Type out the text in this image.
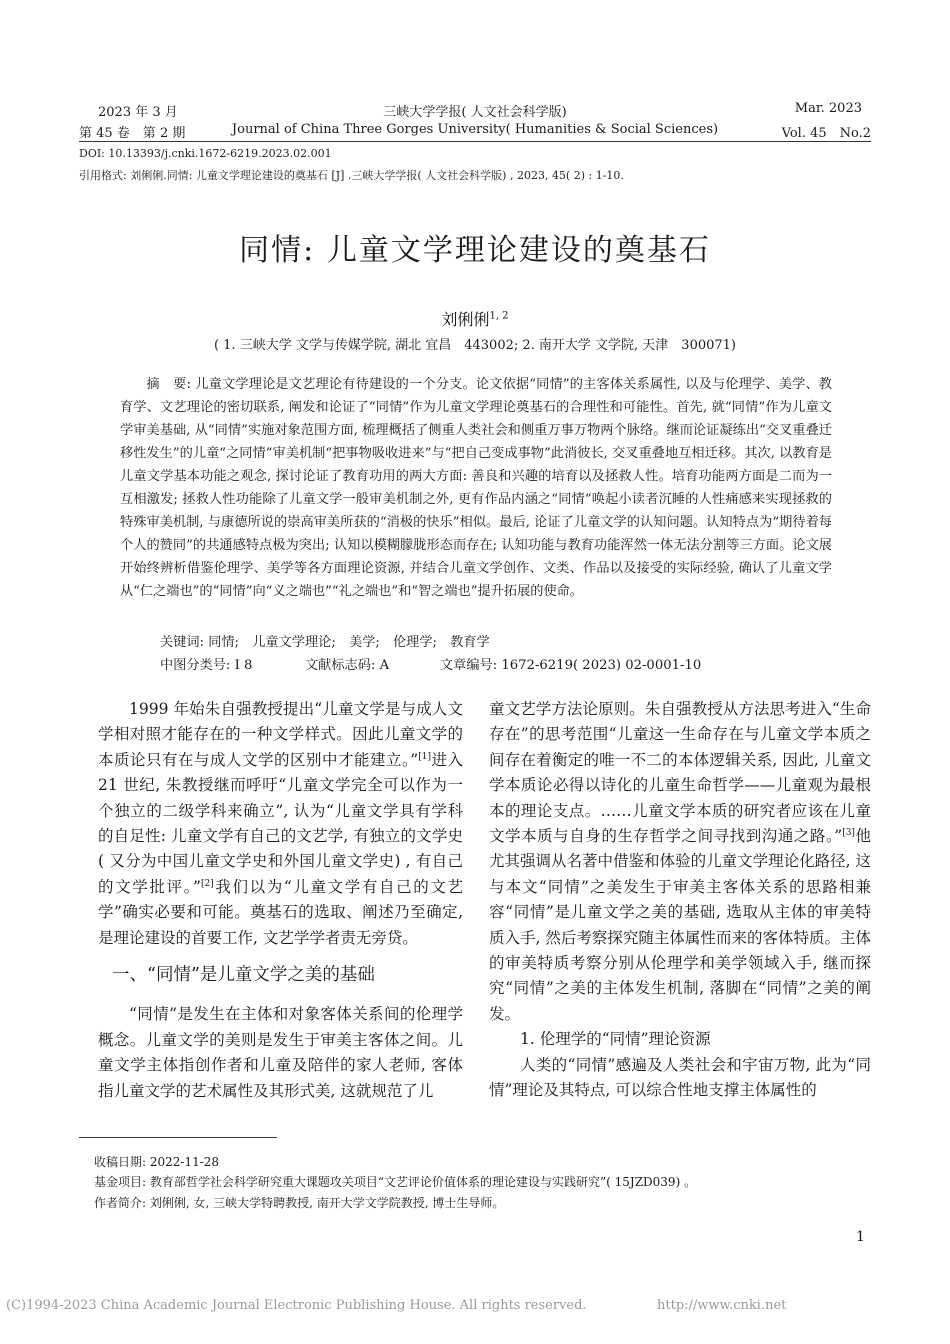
2023 年 3 月	三峡大学学报( 人文社会科学版)	Mar. 2023
第 45 卷　第 2 期	Journal of China Three Gorges University( Humanities & Social Sciences)	Vol. 45　No.2
DOI: 10.13393/j.cnki.1672-6219.2023.02.001
引用格式: 刘俐俐.同情: 儿童文学理论建设的奠基石 [J] .三峡大学学报( 人文社会科学版) , 2023, 45( 2) : 1-10.
同情: 儿童文学理论建设的奠基石
刘俐俐$^{1, 2}$
( 1. 三峡大学 文学与传媒学院, 湖北 宜昌　443002; 2. 南开大学 文学院, 天津　300071)
摘　要: 儿童文学理论是文艺理论有待建设的一个分支。论文依据“同情”的主客体关系属性, 以及与伦理学、美学、教育学、文艺理论的密切联系, 阐发和论证了“同情”作为儿童文学理论奠基石的合理性和可能性。首先, 就“同情”作为儿童文学审美基础, 从“同情”实施对象范围方面, 梳理概括了侧重人类社会和侧重万事万物两个脉络。继而论证凝练出“交叉重叠迁移性发生”的儿童“之同情”审美机制“把事物吸收进来”与“把自己变成事物”此消彼长, 交叉重叠地互相迁移。其次, 以教育是儿童文学基本功能之观念, 探讨论证了教育功用的两大方面: 善良和兴趣的培育以及拯救人性。培育功能两方面是二而为一互相激发; 拯救人性功能除了儿童文学一般审美机制之外, 更有作品内涵之“同情”唤起小读者沉睡的人性痛感来实现拯救的特殊审美机制, 与康德所说的崇高审美所获的“消极的快乐”相似。最后, 论证了儿童文学的认知问题。认知特点为“期待着每个人的赞同”的共通感特点极为突出; 认知以模糊朦胧形态而存在; 认知功能与教育功能浑然一体无法分割等三方面。论文展开始终辨析借鉴伦理学、美学等各方面理论资源, 并结合儿童文学创作、文类、作品以及接受的实际经验, 确认了儿童文学从“仁之端也”的“同情”向“义之端也”“礼之端也”和“智之端也”提升拓展的使命。
关键词: 同情;　儿童文学理论;　美学;　伦理学;　教育学
中图分类号: I 8	文献标志码: A	文章编号: 1672-6219( 2023) 02-0001-10

1999 年始朱自强教授提出“儿童文学是与成人文学相对照才能存在的一种文学样式。因此儿童文学的本质论只有在与成人文学的区别中才能建立。”[1]进入 21 世纪, 朱教授继而呼吁“儿童文学完全可以作为一个独立的二级学科来确立”, 认为“儿童文学具有学科的自足性: 儿童文学有自己的文艺学, 有独立的文学史( 又分为中国儿童文学史和外国儿童文学史) , 有自己的文学批评。”[2]我们以为“儿童文学有自己的文艺学”确实必要和可能。奠基石的选取、阐述乃至确定, 是理论建设的首要工作, 文艺学学者责无旁贷。

一、“同情”是儿童文学之美的基础

“同情”是发生在主体和对象客体关系间的伦理学概念。儿童文学的美则是发生于审美主客体之间。儿童文学主体指创作者和儿童及陪伴的家人老师, 客体指儿童文学的艺术属性及其形式美, 这就规范了儿

童文艺学方法论原则。朱自强教授从方法思考进入“生命存在”的思考范围“儿童这一生命存在与儿童文学本质之间存在着衡定的唯一不二的本体逻辑关系, 因此, 儿童文学本质论必得以诗化的儿童生命哲学——儿童观为最根本的理论支点。……儿童文学本质的研究者应该在儿童文学本质与自身的生存哲学之间寻找到沟通之路。”[3]他尤其强调从名著中借鉴和体验的儿童文学理论化路径, 这与本文“同情”之美发生于审美主客体关系的思路相兼容“同情”是儿童文学之美的基础, 选取从主体的审美特质入手, 然后考察探究随主体属性而来的客体特质。主体的审美特质考察分别从伦理学和美学领域入手, 继而探究“同情”之美的主体发生机制, 落脚在“同情”之美的阐发。

1. 伦理学的“同情”理论资源

人类的“同情”感遍及人类社会和宇宙万物, 此为“同情”理论及其特点, 可以综合性地支撑主体属性的

收稿日期: 2022-11-28
基金项目: 教育部哲学社会科学研究重大课题攻关项目“文艺评论价值体系的理论建设与实践研究”( 15JZD039) 。
作者简介: 刘俐俐, 女, 三峡大学特聘教授, 南开大学文学院教授, 博士生导师。
1
(C)1994-2023 China Academic Journal Electronic Publishing House. All rights reserved.	http://www.cnki.net
